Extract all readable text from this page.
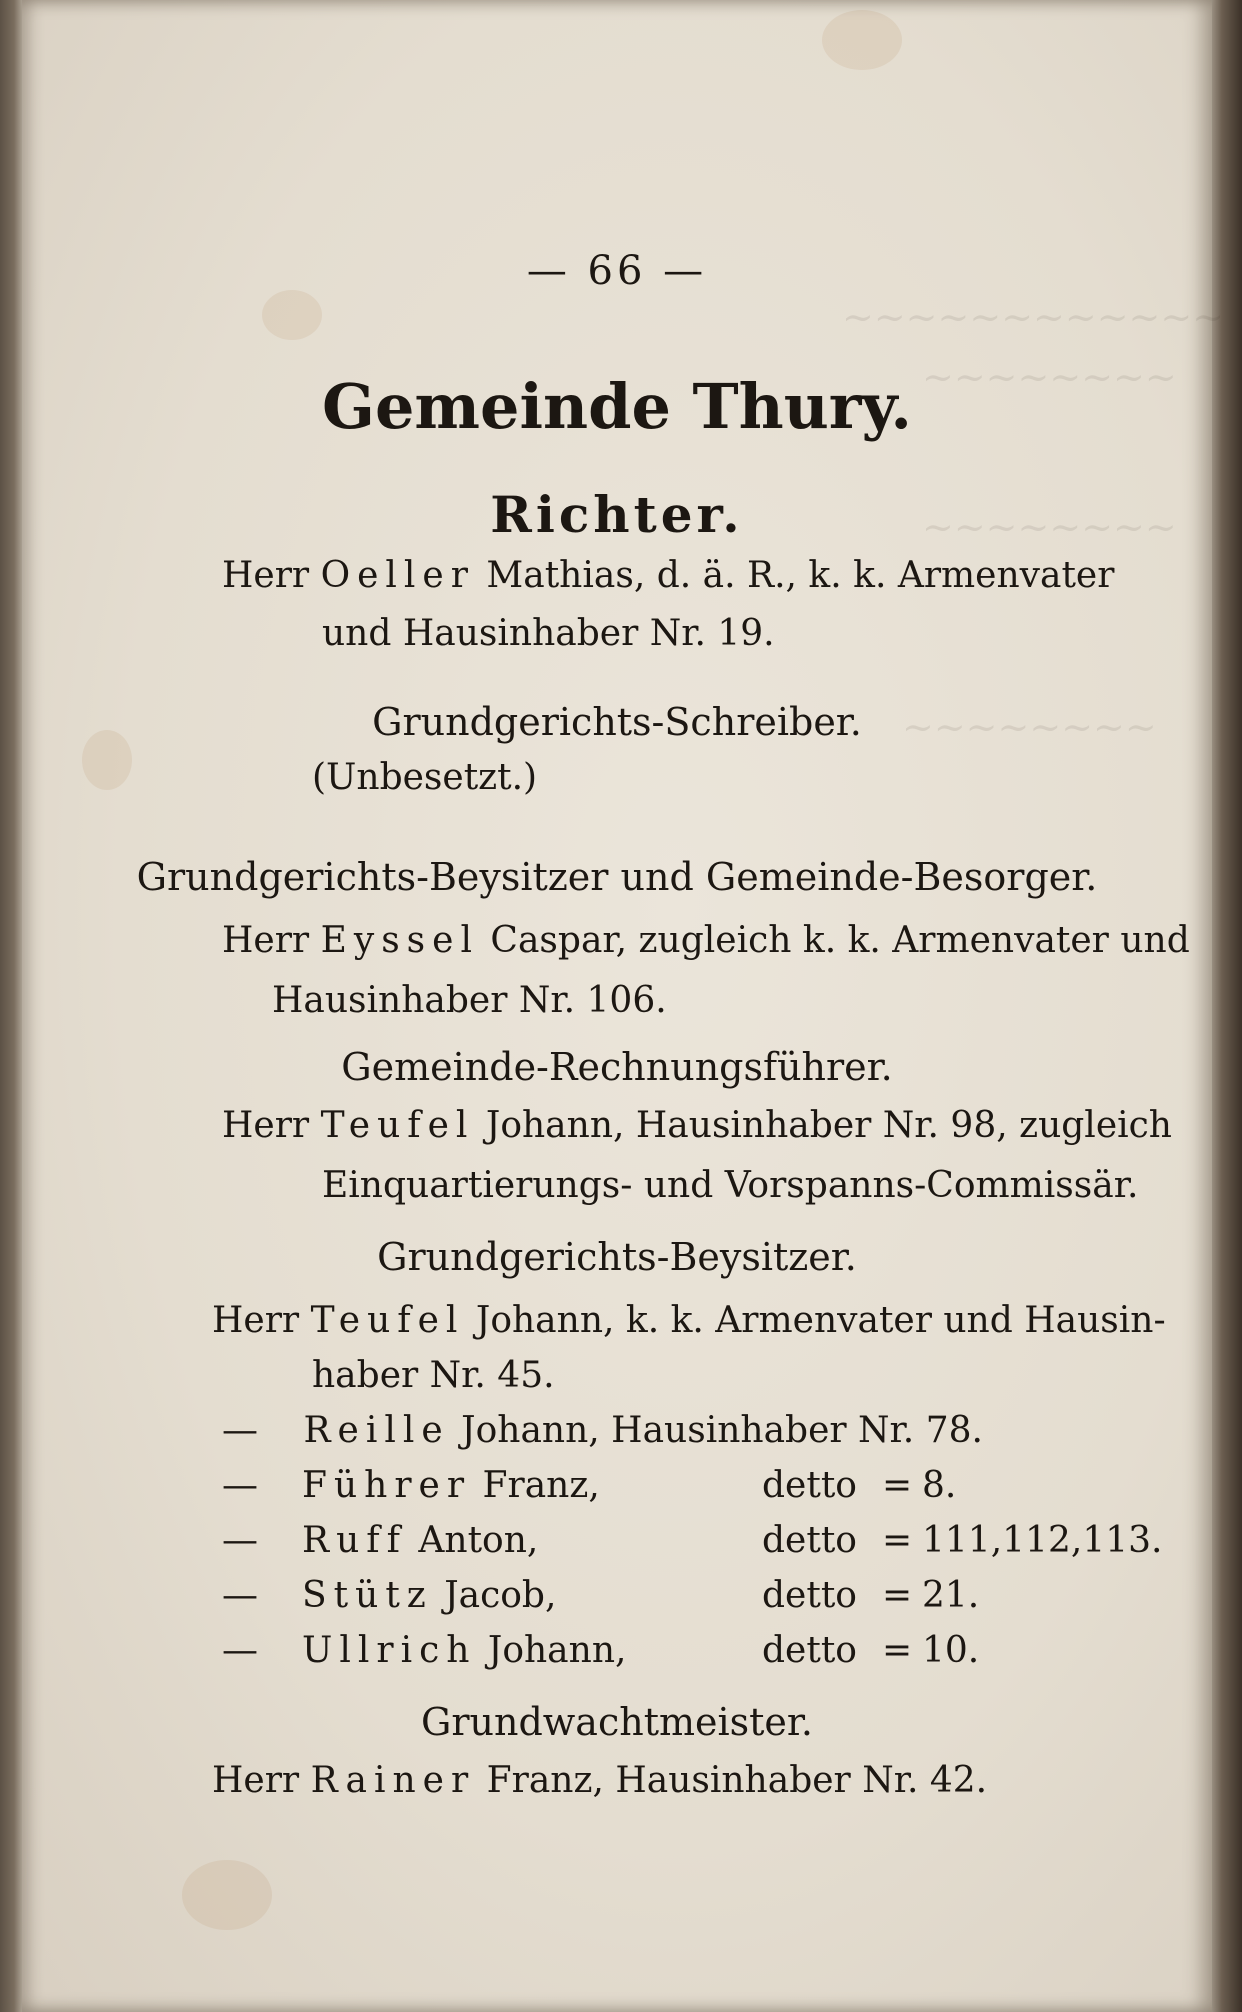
~~~~~~~~~~~~
~~~~~~~~
~~~~~~~~
~~~~~~~~
— 66 —
Gemeinde Thury.
Richter.
Herr Oeller Mathias, d. ä. R., k. k. Armenvater
und Hausinhaber Nr. 19.
Grundgerichts-Schreiber.
(Unbesetzt.)
Grundgerichts-Beysitzer und Gemeinde-Besorger.
Herr Eyssel Caspar, zugleich k. k. Armenvater und
Hausinhaber Nr. 106.
Gemeinde-Rechnungsführer.
Herr Teufel Johann, Hausinhaber Nr. 98, zugleich
Einquartierungs- und Vorspanns-Commissär.
Grundgerichts-Beysitzer.
Herr Teufel Johann, k. k. Armenvater und Hausin-
haber Nr. 45.
— Reille Johann, Hausinhaber Nr. 78.
— Führer Franz,	detto = 8.
— Ruff Anton,	detto = 111,112,113.
— Stütz Jacob,	detto = 21.
— Ullrich Johann,	detto = 10.
Grundwachtmeister.
Herr Rainer Franz, Hausinhaber Nr. 42.
